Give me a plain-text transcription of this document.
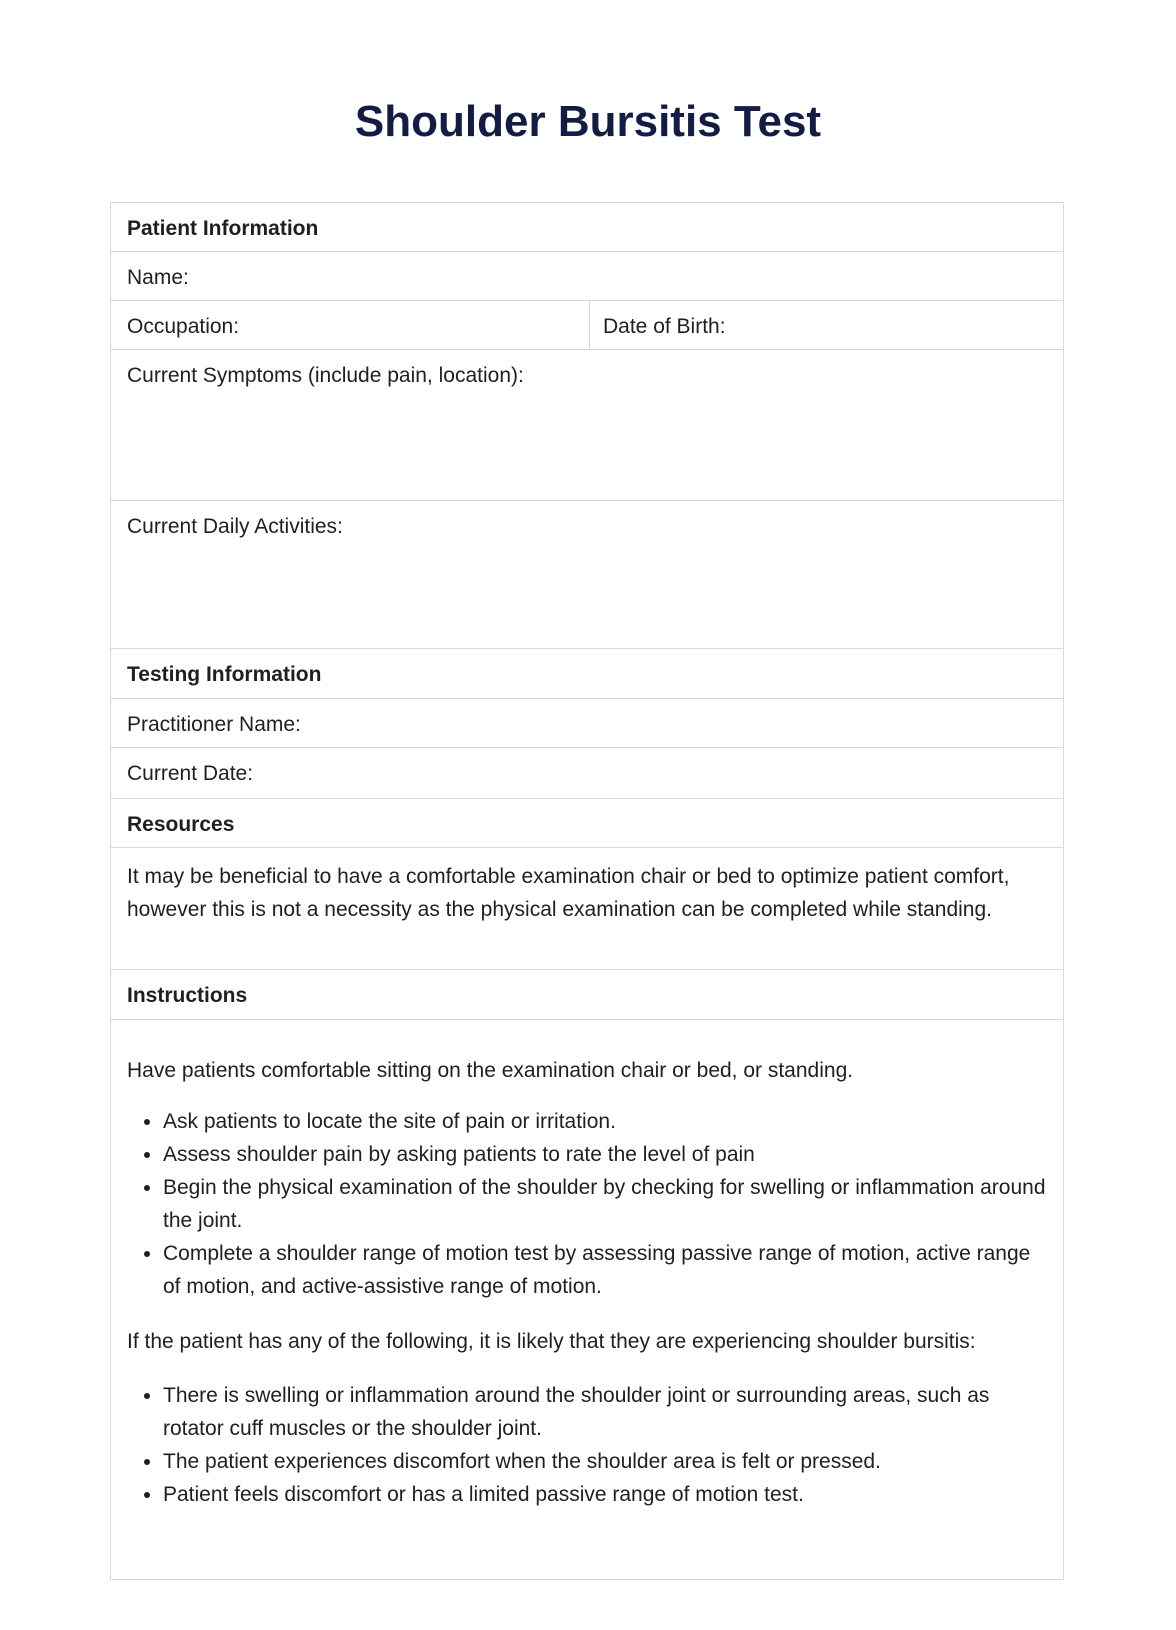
Shoulder Bursitis Test
Patient Information
Name:
Occupation:	Date of Birth:
Current Symptoms (include pain, location):
Current Daily Activities:
Testing Information
Practitioner Name:
Current Date:
Resources
It may be beneficial to have a comfortable examination chair or bed to optimize patient comfort, however this is not a necessity as the physical examination can be completed while standing.
Instructions
Have patients comfortable sitting on the examination chair or bed, or standing.
• Ask patients to locate the site of pain or irritation.
• Assess shoulder pain by asking patients to rate the level of pain
• Begin the physical examination of the shoulder by checking for swelling or inflammation around the joint.
• Complete a shoulder range of motion test by assessing passive range of motion, active range of motion, and active-assistive range of motion.
If the patient has any of the following, it is likely that they are experiencing shoulder bursitis:
• There is swelling or inflammation around the shoulder joint or surrounding areas, such as rotator cuff muscles or the shoulder joint.
• The patient experiences discomfort when the shoulder area is felt or pressed.
• Patient feels discomfort or has a limited passive range of motion test.
